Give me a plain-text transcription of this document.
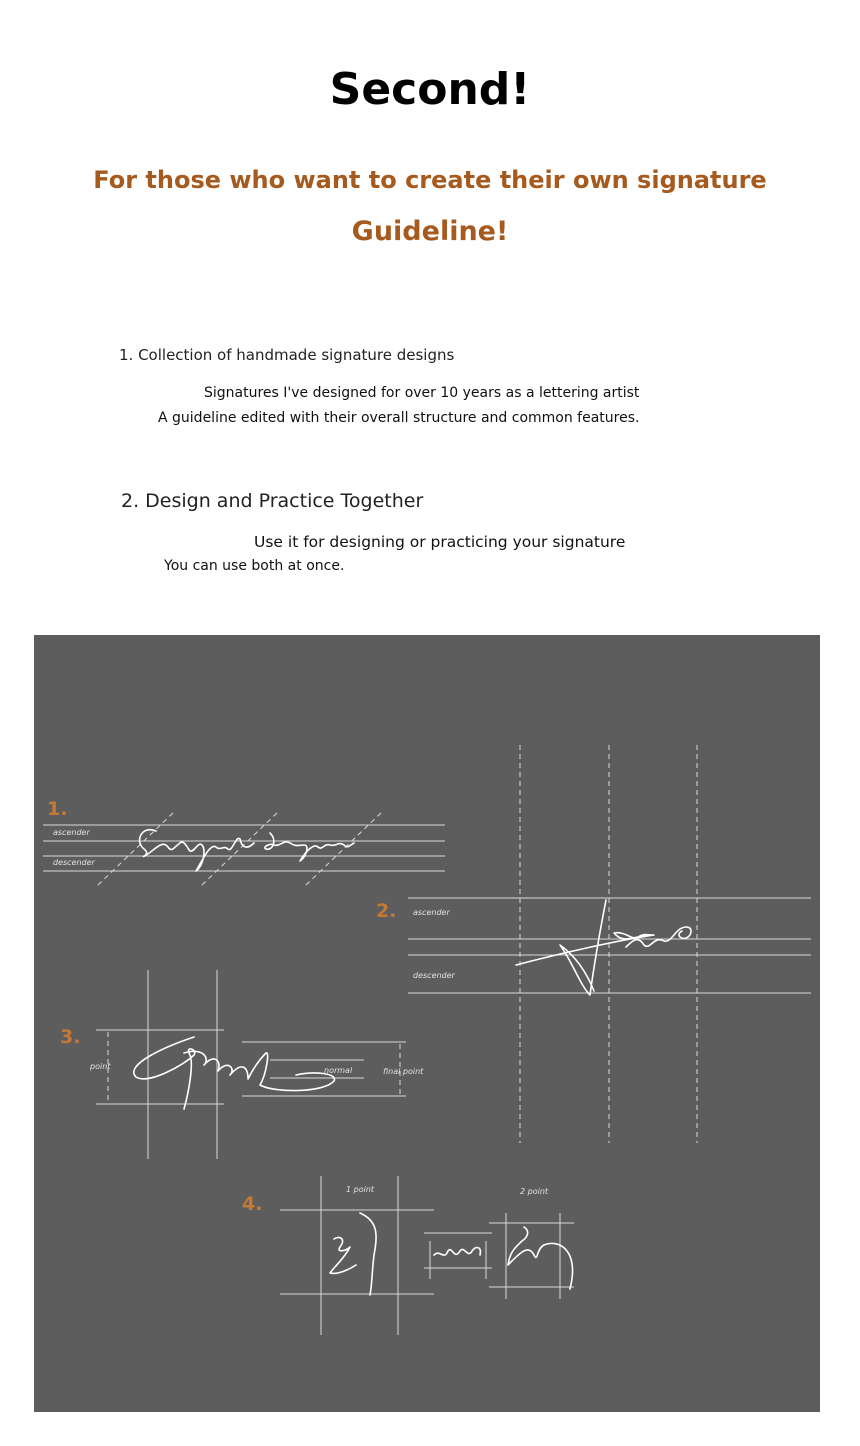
Second!
For those who want to create their own signature
Guideline!
1. Collection of handmade signature designs
Signatures I've designed for over 10 years as a lettering artist
A guideline edited with their overall structure and common features.
2. Design and Practice Together
Use it for designing or practicing your signature
You can use both at once.
1.
ascender
descender
2. ascender
descender
3.
point	normal	final point
4.
1 point	2 point
